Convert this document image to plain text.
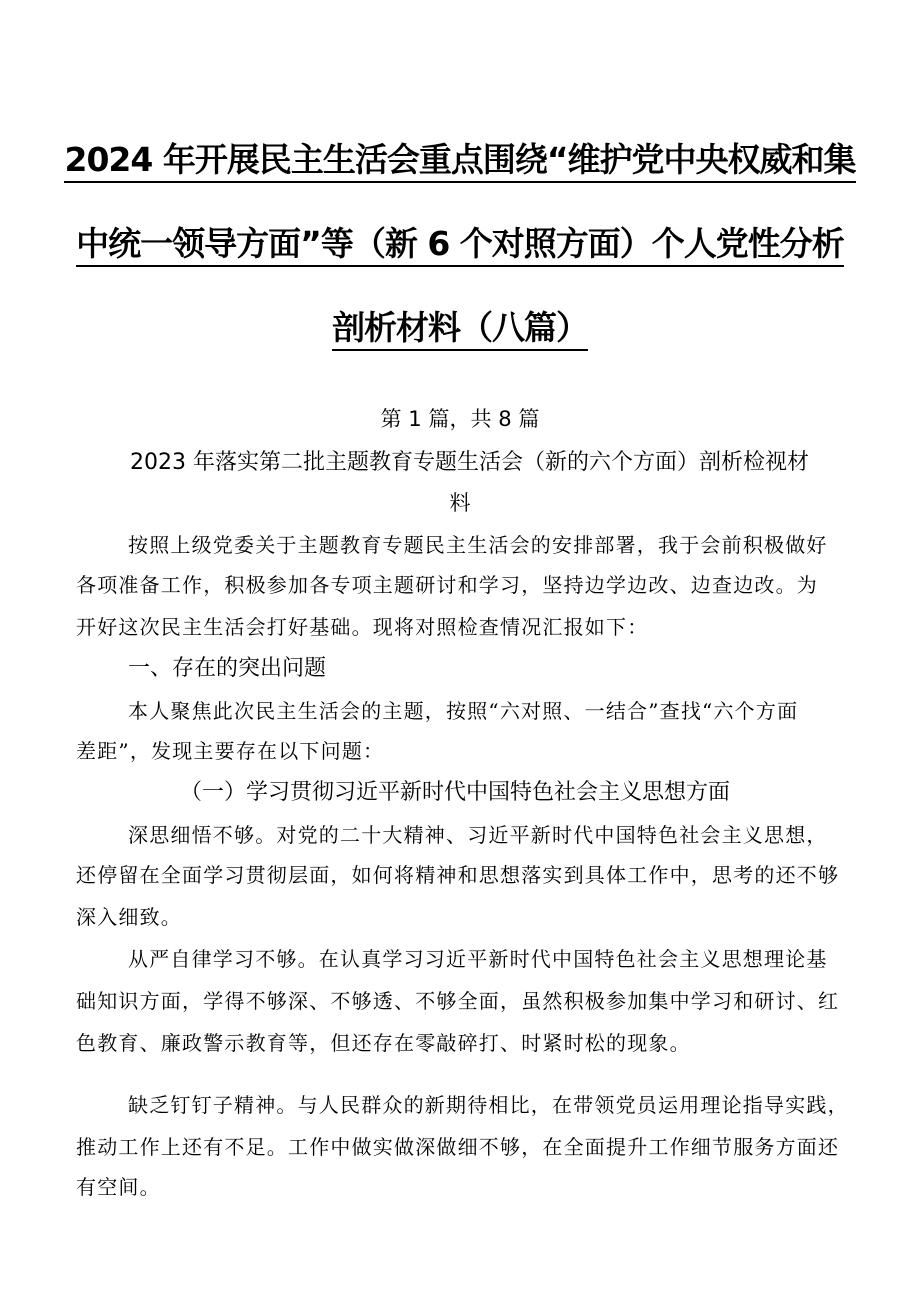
2024 年开展民主生活会重点围绕“维护党中央权威和集
中统一领导方面”等（新 6 个对照方面）个人党性分析
剖析材料（八篇）
第 1 篇，共 8 篇
2023 年落实第二批主题教育专题生活会（新的六个方面）剖析检视材
料
按照上级党委关于主题教育专题民主生活会的安排部署，我于会前积极做好
各项准备工作，积极参加各专项主题研讨和学习，坚持边学边改、边查边改。为
开好这次民主生活会打好基础。现将对照检查情况汇报如下：
一、存在的突出问题
本人聚焦此次民主生活会的主题，按照“六对照、一结合”查找“六个方面
差距”，发现主要存在以下问题：
（一）学习贯彻习近平新时代中国特色社会主义思想方面
深思细悟不够。对党的二十大精神、习近平新时代中国特色社会主义思想，
还停留在全面学习贯彻层面，如何将精神和思想落实到具体工作中，思考的还不够
深入细致。
从严自律学习不够。在认真学习习近平新时代中国特色社会主义思想理论基
础知识方面，学得不够深、不够透、不够全面，虽然积极参加集中学习和研讨、红
色教育、廉政警示教育等，但还存在零敲碎打、时紧时松的现象。
缺乏钉钉子精神。与人民群众的新期待相比，在带领党员运用理论指导实践，
推动工作上还有不足。工作中做实做深做细不够，在全面提升工作细节服务方面还
有空间。
